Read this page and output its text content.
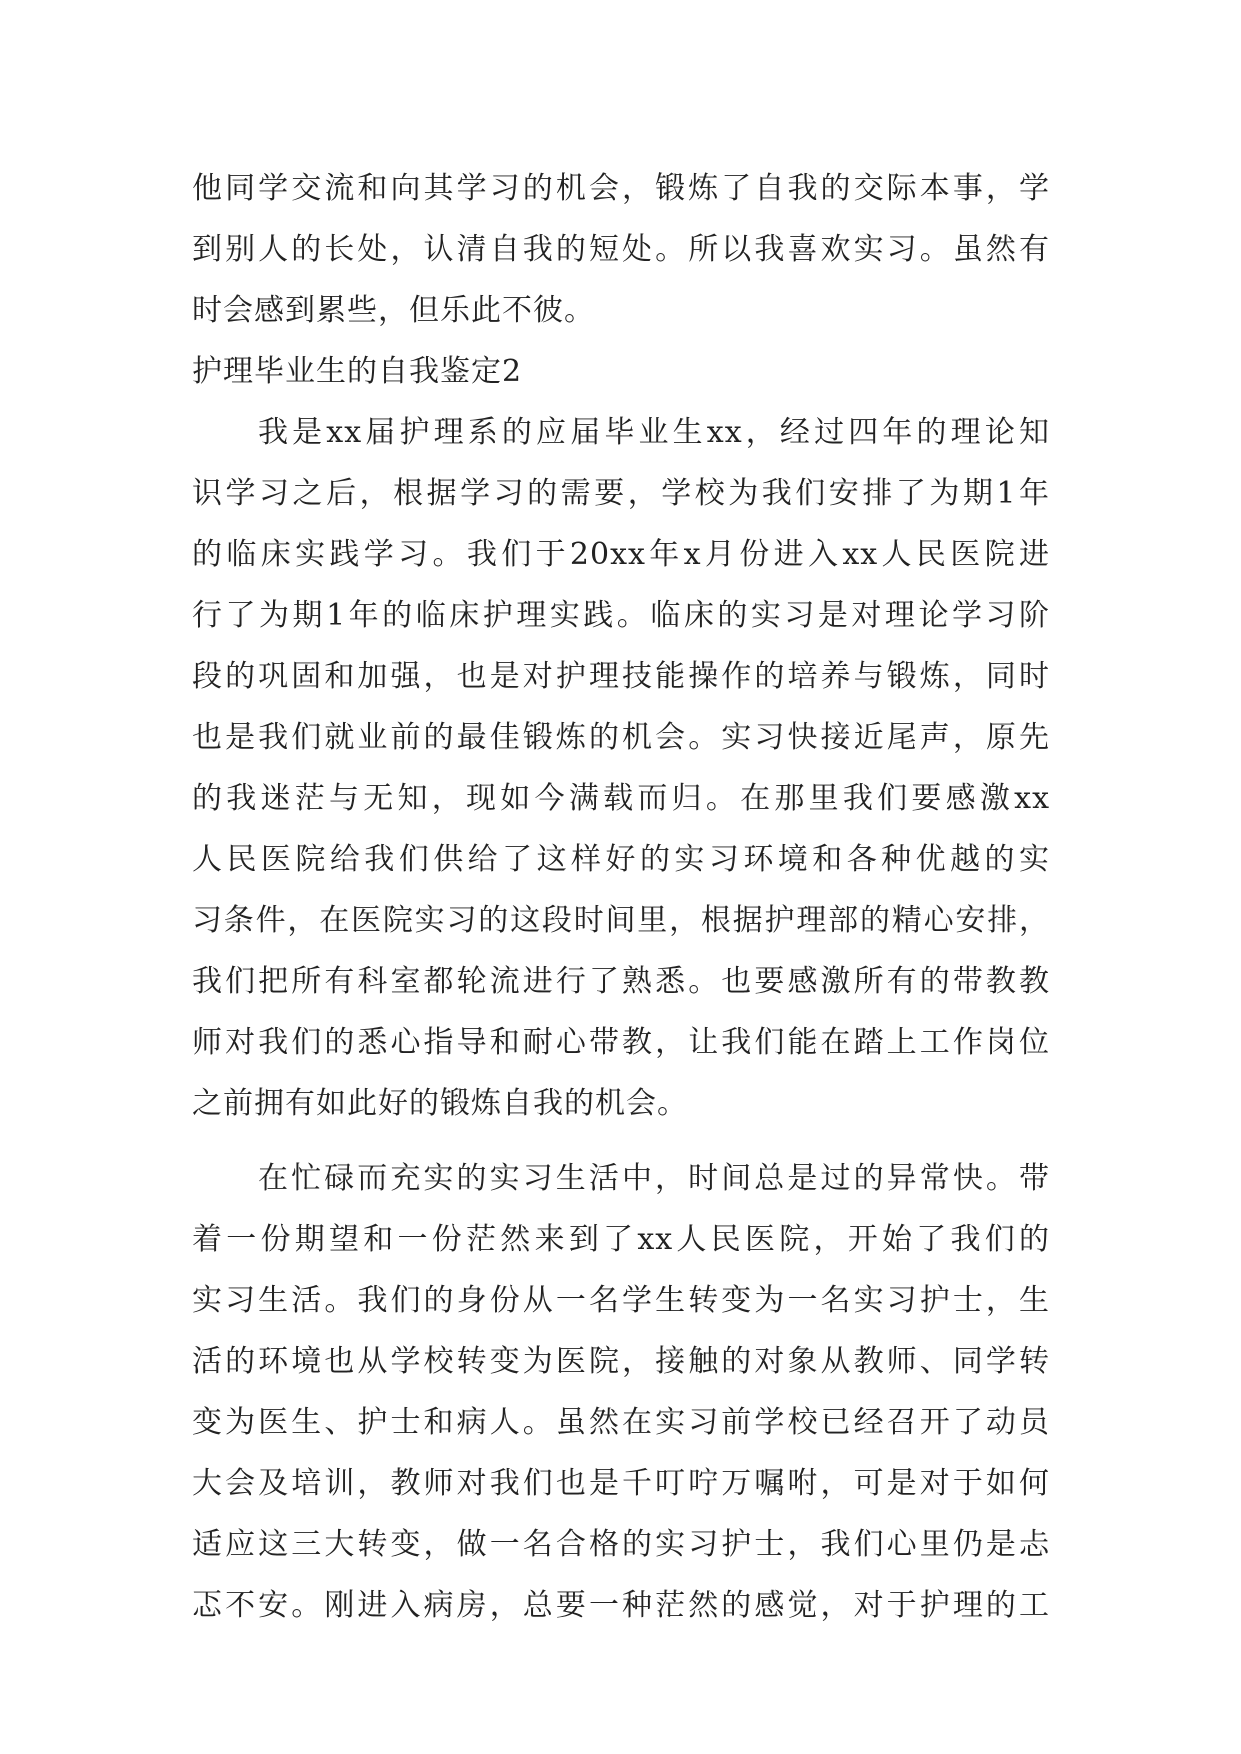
他同学交流和向其学习的机会，锻炼了自我的交际本事，学
到别人的长处，认清自我的短处。所以我喜欢实习。虽然有
时会感到累些，但乐此不彼。
护理毕业生的自我鉴定2
我是xx届护理系的应届毕业生xx，经过四年的理论知
识学习之后，根据学习的需要，学校为我们安排了为期1年
的临床实践学习。我们于20xx年x月份进入xx人民医院进
行了为期1年的临床护理实践。临床的实习是对理论学习阶
段的巩固和加强，也是对护理技能操作的培养与锻炼，同时
也是我们就业前的最佳锻炼的机会。实习快接近尾声，原先
的我迷茫与无知，现如今满载而归。在那里我们要感激xx
人民医院给我们供给了这样好的实习环境和各种优越的实
习条件，在医院实习的这段时间里，根据护理部的精心安排，
我们把所有科室都轮流进行了熟悉。也要感激所有的带教教
师对我们的悉心指导和耐心带教，让我们能在踏上工作岗位
之前拥有如此好的锻炼自我的机会。
在忙碌而充实的实习生活中，时间总是过的异常快。带
着一份期望和一份茫然来到了xx人民医院，开始了我们的
实习生活。我们的身份从一名学生转变为一名实习护士，生
活的环境也从学校转变为医院，接触的对象从教师、同学转
变为医生、护士和病人。虽然在实习前学校已经召开了动员
大会及培训，教师对我们也是千叮咛万嘱咐，可是对于如何
适应这三大转变，做一名合格的实习护士，我们心里仍是忐
忑不安。刚进入病房，总要一种茫然的感觉，对于护理的工
